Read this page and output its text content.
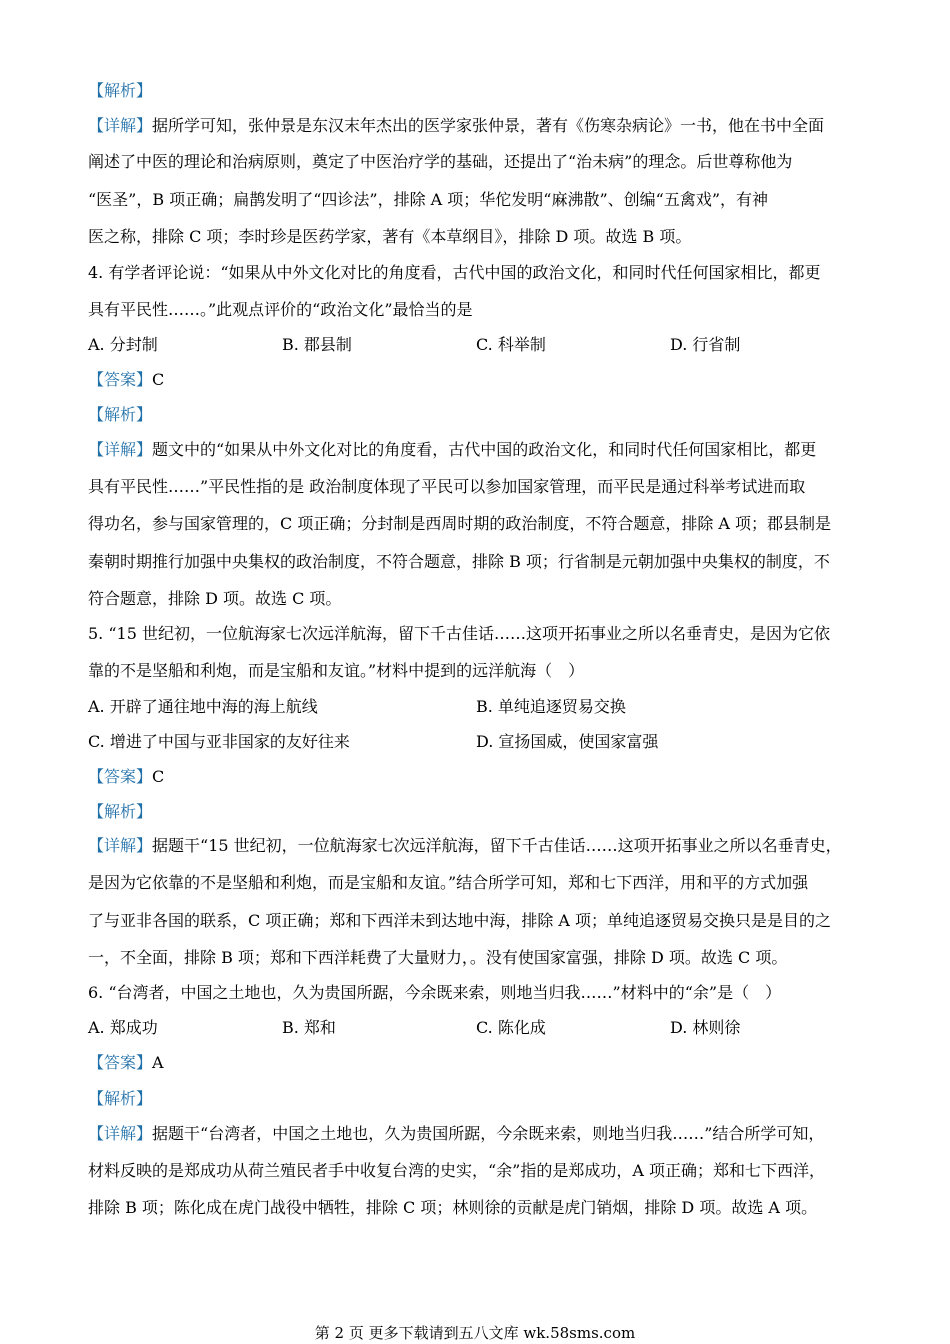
【解析】
【详解】据所学可知，张仲景是东汉末年杰出的医学家张仲景，著有《伤寒杂病论》一书，他在书中全面
阐述了中医的理论和治病原则，奠定了中医治疗学的基础，还提出了“治未病”的理念。后世尊称他为
“医圣”，B 项正确；扁鹊发明了“四诊法”，排除 A 项；华佗发明“麻沸散”、创编“五禽戏”，有神
医之称，排除 C 项；李时珍是医药学家，著有《本草纲目》，排除 D 项。故选 B 项。
4. 有学者评论说：“如果从中外文化对比的角度看，古代中国的政治文化，和同时代任何国家相比，都更
具有平民性……。”此观点评价的“政治文化”最恰当的是
A. 分封制	B. 郡县制	C. 科举制	D. 行省制
【答案】C
【解析】
【详解】题文中的“如果从中外文化对比的角度看，古代中国的政治文化，和同时代任何国家相比，都更
具有平民性……”平民性指的是 政治制度体现了平民可以参加国家管理，而平民是通过科举考试进而取
得功名，参与国家管理的，C 项正确；分封制是西周时期的政治制度，不符合题意，排除 A 项；郡县制是
秦朝时期推行加强中央集权的政治制度，不符合题意，排除 B 项；行省制是元朝加强中央集权的制度，不
符合题意，排除 D 项。故选 C 项。
5. “15 世纪初，一位航海家七次远洋航海，留下千古佳话……这项开拓事业之所以名垂青史，是因为它依
靠的不是坚船和利炮，而是宝船和友谊。”材料中提到的远洋航海（　）
A. 开辟了通往地中海的海上航线	B. 单纯追逐贸易交换
C. 增进了中国与亚非国家的友好往来	D. 宣扬国威，使国家富强
【答案】C
【解析】
【详解】据题干“15 世纪初，一位航海家七次远洋航海，留下千古佳话……这项开拓事业之所以名垂青史，
是因为它依靠的不是坚船和利炮，而是宝船和友谊。”结合所学可知，郑和七下西洋，用和平的方式加强
了与亚非各国的联系，C 项正确；郑和下西洋未到达地中海，排除 A 项；单纯追逐贸易交换只是是目的之
一，不全面，排除 B 项；郑和下西洋耗费了大量财力，。没有使国家富强，排除 D 项。故选 C 项。
6. “台湾者，中国之土地也，久为贵国所踞，今余既来索，则地当归我……”材料中的“余”是（　）
A. 郑成功	B. 郑和	C. 陈化成	D. 林则徐
【答案】A
【解析】
【详解】据题干“台湾者，中国之土地也，久为贵国所踞，今余既来索，则地当归我……”结合所学可知，
材料反映的是郑成功从荷兰殖民者手中收复台湾的史实，“余”指的是郑成功，A 项正确；郑和七下西洋，
排除 B 项；陈化成在虎门战役中牺牲，排除 C 项；林则徐的贡献是虎门销烟，排除 D 项。故选 A 项。
第 2 页 更多下载请到五八文库 wk.58sms.com
